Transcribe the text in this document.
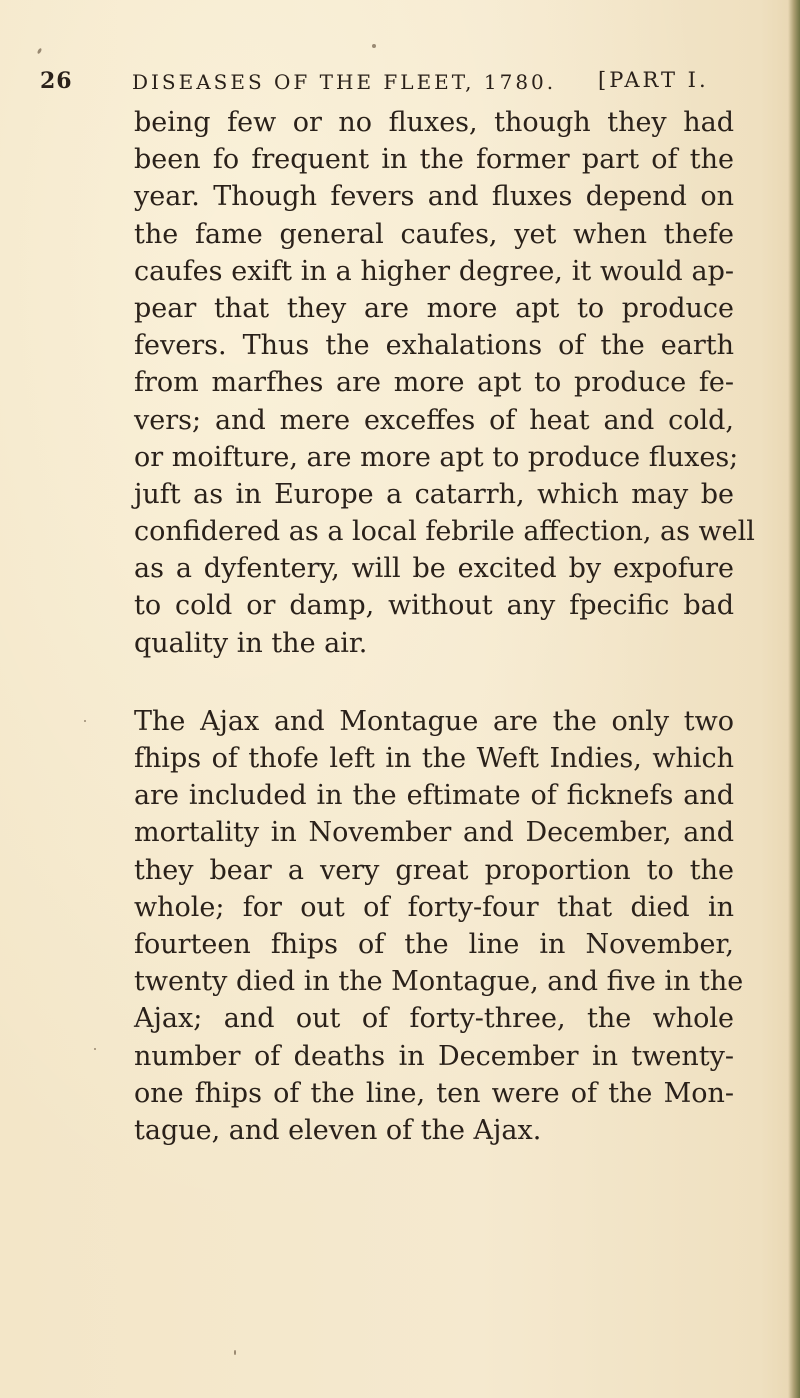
26	DISEASES OF THE FLEET, 1780. [PART I.
being few or no fluxes, though they had
been fo frequent in the former part of the
year. Though fevers and fluxes depend on
the fame general caufes, yet when thefe
caufes exift in a higher degree, it would ap-
pear that they are more apt to produce
fevers. Thus the exhalations of the earth
from marfhes are more apt to produce fe-
vers; and mere exceffes of heat and cold,
or moifture, are more apt to produce fluxes;
juft as in Europe a catarrh, which may be
confidered as a local febrile affection, as well
as a dyfentery, will be excited by expofure
to cold or damp, without any fpecific bad
quality in the air.
The Ajax and Montague are the only two
fhips of thofe left in the Weft Indies, which
are included in the eftimate of ficknefs and
mortality in November and December, and
they bear a very great proportion to the
whole; for out of forty-four that died in
fourteen fhips of the line in November,
twenty died in the Montague, and five in the
Ajax; and out of forty-three, the whole
number of deaths in December in twenty-
one fhips of the line, ten were of the Mon-
tague, and eleven of the Ajax.
